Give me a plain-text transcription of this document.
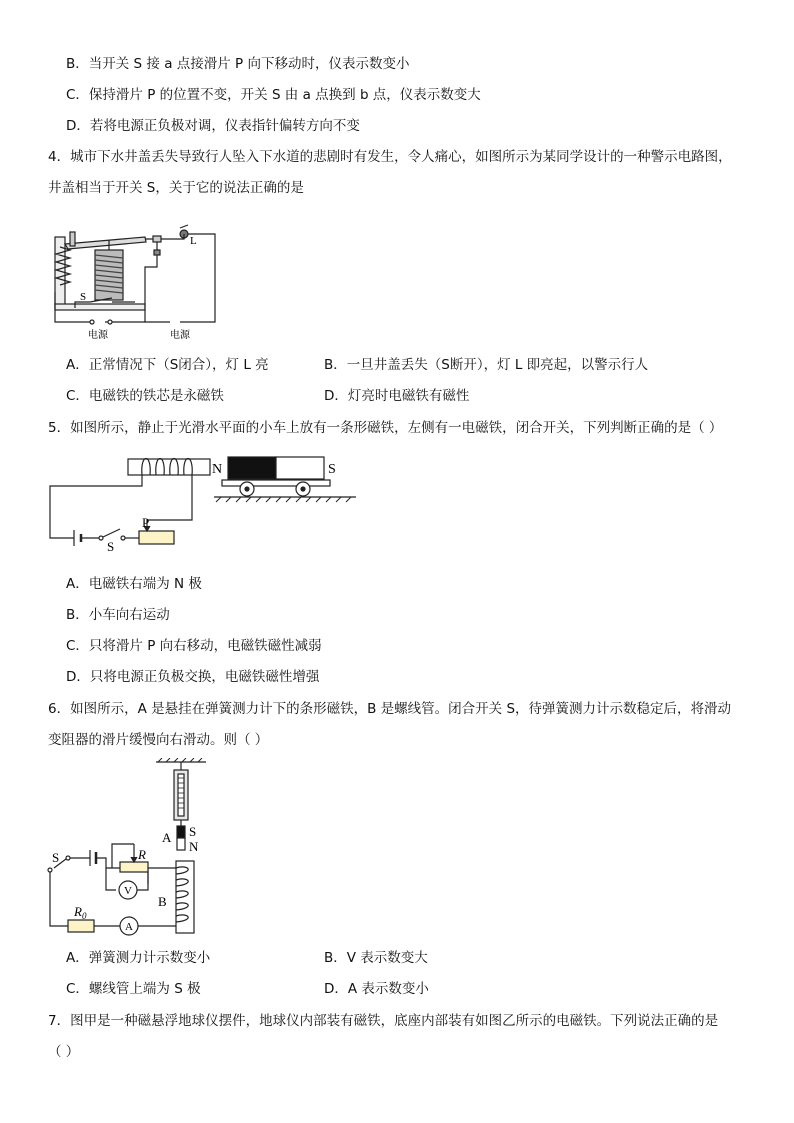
B．当开关 S 接 a 点接滑片 P 向下移动时，仪表示数变小
C．保持滑片 P 的位置不变，开关 S 由 a 点换到 b 点，仪表示数变大
D．若将电源正负极对调，仪表指针偏转方向不变
4．城市下水井盖丢失导致行人坠入下水道的悲剧时有发生，令人痛心，如图所示为某同学设计的一种警示电路图，
井盖相当于开关 S，关于它的说法正确的是
S
L
电源	电源
A．正常情况下（S闭合），灯 L 亮	B．一旦井盖丢失（S断开），灯 L 即亮起，以警示行人
C．电磁铁的铁芯是永磁铁	D．灯亮时电磁铁有磁性
5．如图所示，静止于光滑水平面的小车上放有一条形磁铁，左侧有一电磁铁，闭合开关，下列判断正确的是（ ）
N	S
P
S
A．电磁铁右端为 N 极
B．小车向右运动
C．只将滑片 P 向右移动，电磁铁磁性减弱
D．只将电源正负极交换，电磁铁磁性增强
6．如图所示，A 是悬挂在弹簧测力计下的条形磁铁，B 是螺线管。闭合开关 S，待弹簧测力计示数稳定后，将滑动
变阻器的滑片缓慢向右滑动。则（ ）
A S
N
S	R
V
B
$R_0$
A
A．弹簧测力计示数变小	B．V 表示数变大
C．螺线管上端为 S 极	D．A 表示数变小
7．图甲是一种磁悬浮地球仪摆件，地球仪内部装有磁铁，底座内部装有如图乙所示的电磁铁。下列说法正确的是
（ ）
